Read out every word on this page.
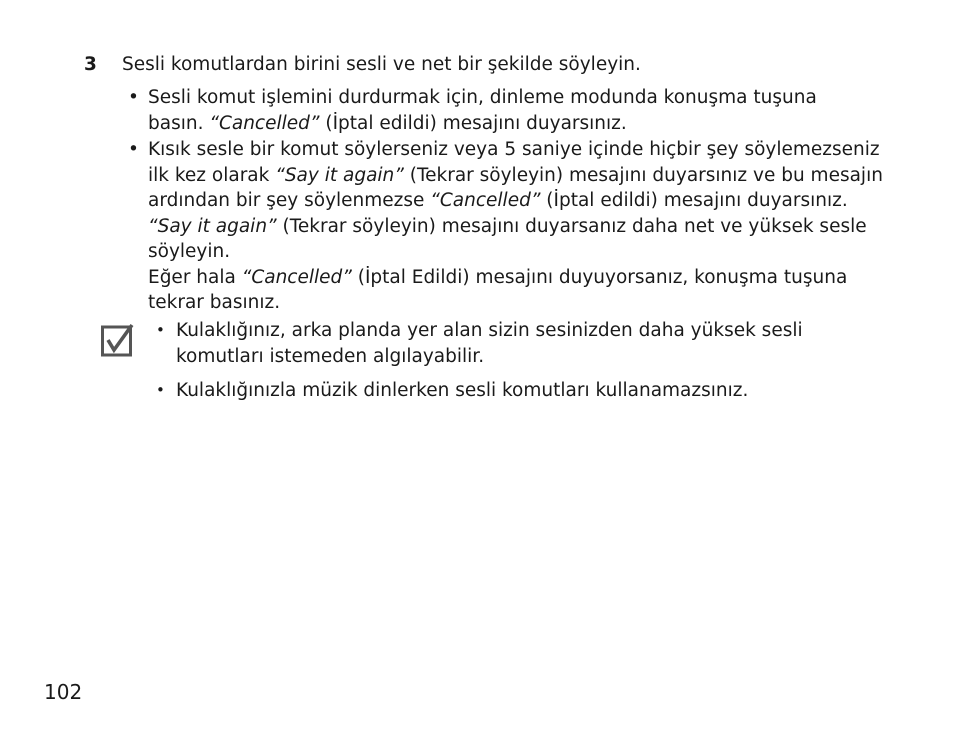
3 Sesli komutlardan birini sesli ve net bir şekilde söyleyin.
• Sesli komut işlemini durdurmak için, dinleme modunda konuşma tuşuna
basın. “Cancelled” (İptal edildi) mesajını duyarsınız.
• Kısık sesle bir komut söylerseniz veya 5 saniye içinde hiçbir şey söylemezseniz
ilk kez olarak “Say it again” (Tekrar söyleyin) mesajını duyarsınız ve bu mesajın
ardından bir şey söylenmezse “Cancelled” (İptal edildi) mesajını duyarsınız.
“Say it again” (Tekrar söyleyin) mesajını duyarsanız daha net ve yüksek sesle
söyleyin.
Eğer hala “Cancelled” (İptal Edildi) mesajını duyuyorsanız, konuşma tuşuna
tekrar basınız.
• Kulaklığınız, arka planda yer alan sizin sesinizden daha yüksek sesli
komutları istemeden algılayabilir.
• Kulaklığınızla müzik dinlerken sesli komutları kullanamazsınız.
102
